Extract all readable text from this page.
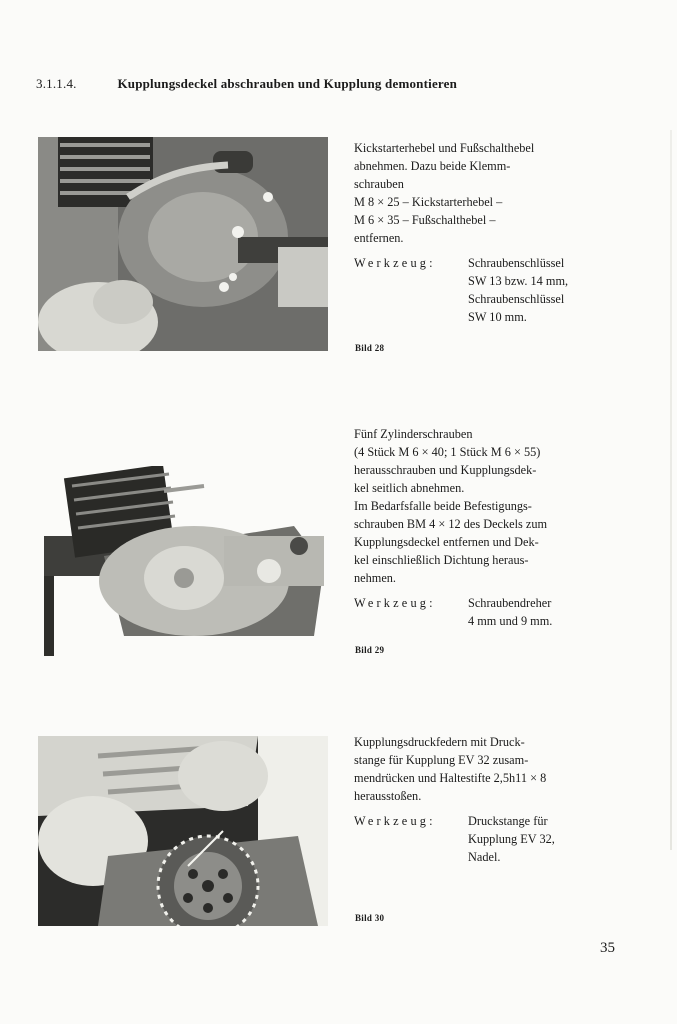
3.1.1.4.	Kupplungsdeckel abschrauben und Kupplung demontieren
Bild 28

Kickstarterhebel und Fußschalthebel

abnehmen. Dazu beide Klemm-

schrauben

M 8 × 25 – Kickstarterhebel –

M 6 × 35 – Fußschalthebel –

entfernen.

Werkzeug:	Schraubenschlüssel
SW 13 bzw. 14 mm,
Schraubenschlüssel
SW 10 mm.
Bild 29

Fünf Zylinderschrauben

(4 Stück M 6 × 40; 1 Stück M 6 × 55)

herausschrauben und Kupplungsdek-

kel seitlich abnehmen.

Im Bedarfsfalle beide Befestigungs-

schrauben BM 4 × 12 des Deckels zum

Kupplungsdeckel entfernen und Dek-

kel einschließlich Dichtung heraus-

nehmen.

Werkzeug:	Schraubendreher
4 mm und 9 mm.
Bild 30

Kupplungsdruckfedern mit Druck-

stange für Kupplung EV 32 zusam-

mendrücken und Haltestifte 2,5h11 × 8

herausstoßen.

Werkzeug:	Druckstange für
Kupplung EV 32,
Nadel.
35
